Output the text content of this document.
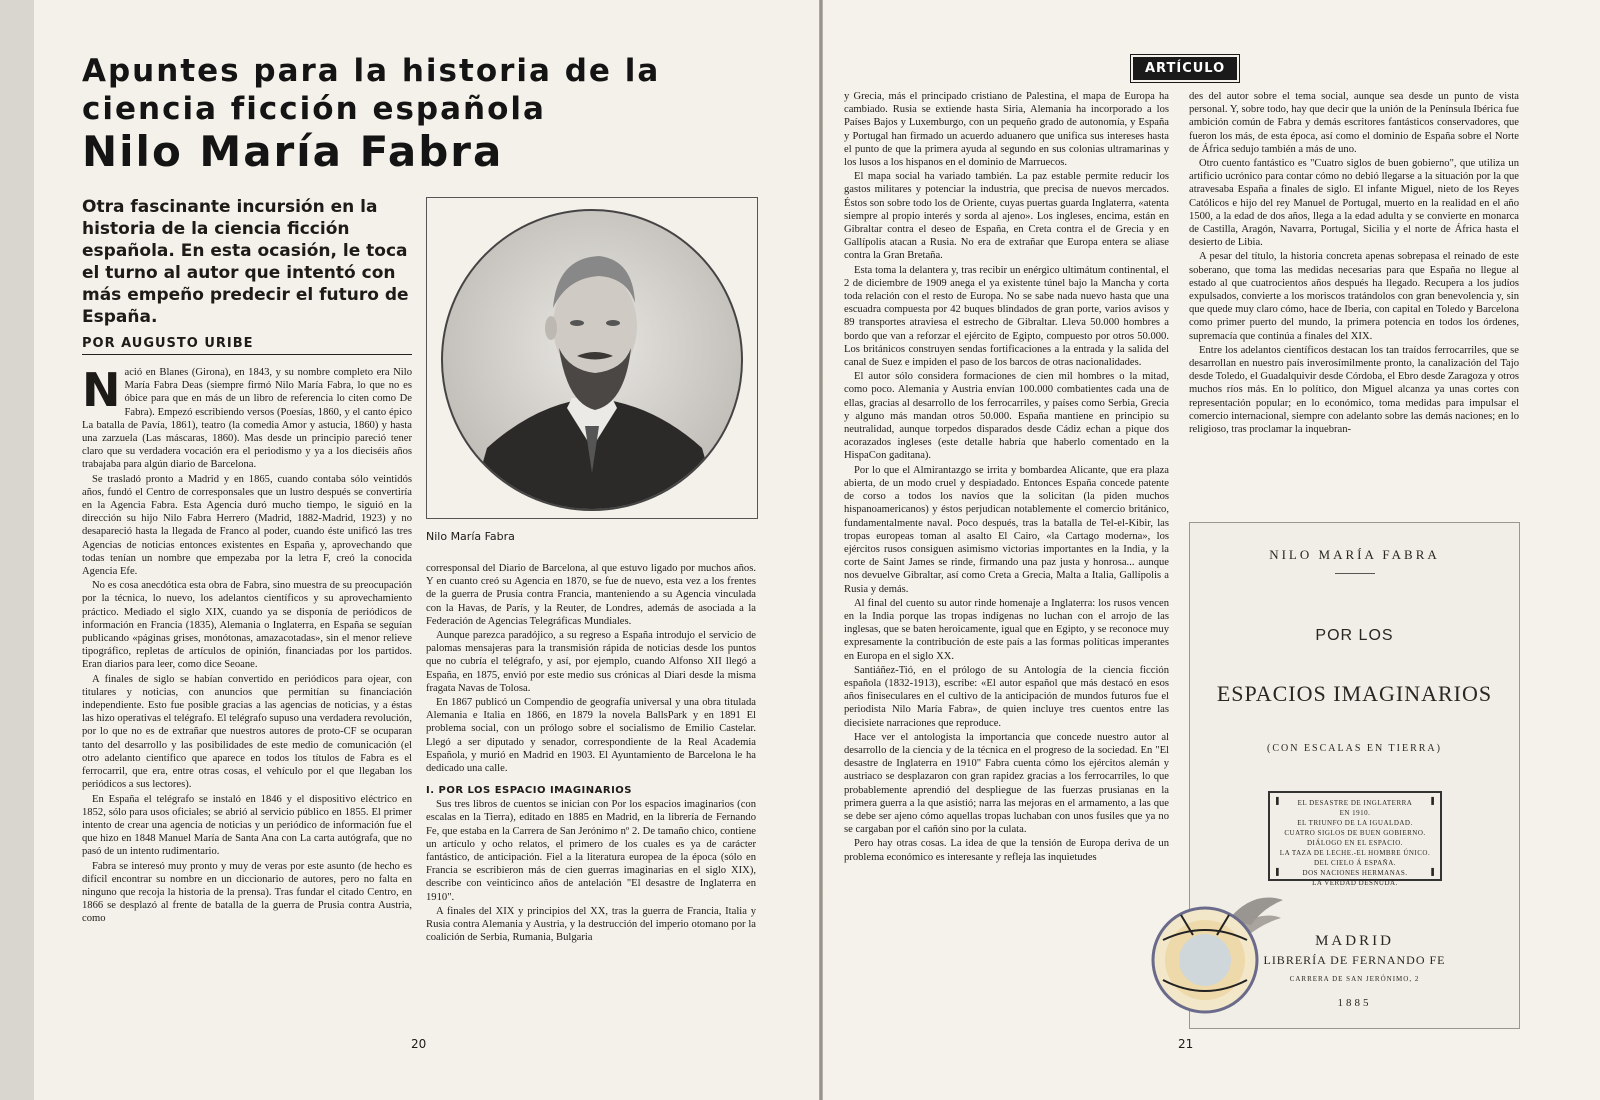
Apuntes para la historia de la
ciencia ficción española
Nilo María Fabra

Otra fascinante incursión en la historia de la ciencia ficción española. En esta ocasión, le toca el turno al autor que intentó con más empeño predecir el futuro de España.

POR AUGUSTO URIBE

Nilo María Fabra

N ació en Blanes (Girona), en 1843, y su nombre completo era Nilo María Fabra Deas (siempre firmó Nilo María Fabra, lo que no es óbice para que en más de un libro de referencia lo citen como De Fabra). Empezó escribiendo versos (Poesías, 1860, y el canto épico La batalla de Pavía, 1861), teatro (la comedia Amor y astucia, 1860) y hasta una zarzuela (Las máscaras, 1860). Mas desde un principio pareció tener claro que su verdadera vocación era el periodismo y ya a los dieciséis años trabajaba para algún diario de Barcelona.

Se trasladó pronto a Madrid y en 1865, cuando contaba sólo veintidós años, fundó el Centro de corresponsales que un lustro después se convertiría en la Agencia Fabra. Esta Agencia duró mucho tiempo, le siguió en la dirección su hijo Nilo Fabra Herrero (Madrid, 1882-Madrid, 1923) y no desapareció hasta la llegada de Franco al poder, cuando éste unificó las tres Agencias de noticias entonces existentes en España y, aprovechando que todas tenían un nombre que empezaba por la letra F, creó la conocida Agencia Efe.

No es cosa anecdótica esta obra de Fabra, sino muestra de su preocupación por la técnica, lo nuevo, los adelantos científicos y su aprovechamiento práctico. Mediado el siglo XIX, cuando ya se disponía de periódicos de información en Francia (1835), Alemania o Inglaterra, en España se seguían publicando «páginas grises, monótonas, amazacotadas», sin el menor relieve tipográfico, repletas de artículos de opinión, financiadas por los partidos. Eran diarios para leer, como dice Seoane.

A finales de siglo se habían convertido en periódicos para ojear, con titulares y noticias, con anuncios que permitían su financiación independiente. Esto fue posible gracias a las agencias de noticias, y a éstas las hizo operativas el telégrafo. El telégrafo supuso una verdadera revolución, por lo que no es de extrañar que nuestros autores de proto-CF se ocuparan tanto del desarrollo y las posibilidades de este medio de comunicación (el otro adelanto científico que aparece en todos los títulos de Fabra es el ferrocarril, que era, entre otras cosas, el vehículo por el que llegaban los periódicos a sus lectores).

En España el telégrafo se instaló en 1846 y el dispositivo eléctrico en 1852, sólo para usos oficiales; se abrió al servicio público en 1855. El primer intento de crear una agencia de noticias y un periódico de información fue el que hizo en 1848 Manuel María de Santa Ana con La carta autógrafa, que no pasó de un intento rudimentario.

Fabra se interesó muy pronto y muy de veras por este asunto (de hecho es difícil encontrar su nombre en un diccionario de autores, pero no falta en ninguno que recoja la historia de la prensa). Tras fundar el citado Centro, en 1866 se desplazó al frente de batalla de la guerra de Prusia contra Austria, como

corresponsal del Diario de Barcelona, al que estuvo ligado por muchos años. Y en cuanto creó su Agencia en 1870, se fue de nuevo, esta vez a los frentes de la guerra de Prusia contra Francia, manteniendo a su Agencia vinculada con la Havas, de París, y la Reuter, de Londres, además de asociada a la Federación de Agencias Telegráficas Mundiales.

Aunque parezca paradójico, a su regreso a España introdujo el servicio de palomas mensajeras para la transmisión rápida de noticias desde los puntos que no cubría el telégrafo, y así, por ejemplo, cuando Alfonso XII llegó a España, en 1875, envió por este medio sus crónicas al Diari desde la misma fragata Navas de Tolosa.

En 1867 publicó un Compendio de geografía universal y una obra titulada Alemania e Italia en 1866, en 1879 la novela BallsPark y en 1891 El problema social, con un prólogo sobre el socialismo de Emilio Castelar. Llegó a ser diputado y senador, correspondiente de la Real Academia Española, y murió en Madrid en 1903. El Ayuntamiento de Barcelona le ha dedicado una calle.

I. POR LOS ESPACIO IMAGINARIOS

Sus tres libros de cuentos se inician con Por los espacios imaginarios (con escalas en la Tierra), editado en 1885 en Madrid, en la librería de Fernando Fe, que estaba en la Carrera de San Jerónimo nº 2. De tamaño chico, contiene un artículo y ocho relatos, el primero de los cuales es ya de carácter fantástico, de anticipación. Fiel a la literatura europea de la época (sólo en Francia se escribieron más de cien guerras imaginarias en el siglo XIX), describe con veinticinco años de antelación "El desastre de Inglaterra en 1910".

A finales del XIX y principios del XX, tras la guerra de Francia, Italia y Rusia contra Alemania y Austria, y la destrucción del imperio otomano por la coalición de Serbia, Rumania, Bulgaria

20
ARTÍCULO

y Grecia, más el principado cristiano de Palestina, el mapa de Europa ha cambiado. Rusia se extiende hasta Siria, Alemania ha incorporado a los Países Bajos y Luxemburgo, con un pequeño grado de autonomía, y España y Portugal han firmado un acuerdo aduanero que unifica sus intereses hasta el punto de que la primera ayuda al segundo en sus colonias ultramarinas y los lusos a los hispanos en el dominio de Marruecos.

El mapa social ha variado también. La paz estable permite reducir los gastos militares y potenciar la industria, que precisa de nuevos mercados. Éstos son sobre todo los de Oriente, cuyas puertas guarda Inglaterra, «atenta siempre al propio interés y sorda al ajeno». Los ingleses, encima, están en Gibraltar contra el deseo de España, en Creta contra el de Grecia y en Gallípolis atacan a Rusia. No era de extrañar que Europa entera se aliase contra la Gran Bretaña.

Esta toma la delantera y, tras recibir un enérgico ultimátum continental, el 2 de diciembre de 1909 anega el ya existente túnel bajo la Mancha y corta toda relación con el resto de Europa. No se sabe nada nuevo hasta que una escuadra compuesta por 42 buques blindados de gran porte, varios avisos y 89 transportes atraviesa el estrecho de Gibraltar. Lleva 50.000 hombres a bordo que van a reforzar el ejército de Egipto, compuesto por otros 50.000. Los británicos construyen sendas fortificaciones a la entrada y la salida del canal de Suez e impiden el paso de los barcos de otras nacionalidades.

El autor sólo considera formaciones de cien mil hombres o la mitad, como poco. Alemania y Austria envían 100.000 combatientes cada una de ellas, gracias al desarrollo de los ferrocarriles, y países como Serbia, Grecia y alguno más mandan otros 50.000. España mantiene en principio su neutralidad, aunque torpedos disparados desde Cádiz echan a pique dos acorazados ingleses (este detalle habría que haberlo comentado en la HispaCon gaditana).

Por lo que el Almirantazgo se irrita y bombardea Alicante, que era plaza abierta, de un modo cruel y despiadado. Entonces España concede patente de corso a todos los navíos que la solicitan (la piden muchos hispanoamericanos) y éstos perjudican notablemente el comercio británico, fundamentalmente naval. Poco después, tras la batalla de Tel-el-Kibir, las tropas europeas toman al asalto El Cairo, «la Cartago moderna», los ejércitos rusos consiguen asimismo victorias importantes en la India, y la corte de Saint James se rinde, firmando una paz justa y honrosa... aunque nos devuelve Gibraltar, así como Creta a Grecia, Malta a Italia, Gallípolis a Rusia y demás.

Al final del cuento su autor rinde homenaje a Inglaterra: los rusos vencen en la India porque las tropas indígenas no luchan con el arrojo de las inglesas, que se baten heroicamente, igual que en Egipto, y se reconoce muy expresamente la contribución de este país a las formas políticas imperantes en Europa en el siglo XX.

Santiáñez-Tió, en el prólogo de su Antología de la ciencia ficción española (1832-1913), escribe: «El autor español que más destacó en esos años finiseculares en el cultivo de la anticipación de mundos futuros fue el periodista Nilo María Fabra», de quien incluye tres cuentos entre las diecisiete narraciones que reproduce.

Hace ver el antologista la importancia que concede nuestro autor al desarrollo de la ciencia y de la técnica en el progreso de la sociedad. En "El desastre de Inglaterra en 1910" Fabra cuenta cómo los ejércitos alemán y austriaco se desplazaron con gran rapidez gracias a los ferrocarriles, lo que probablemente aprendió del despliegue de las fuerzas prusianas en la primera guerra a la que asistió; narra las mejoras en el armamento, a las que se debe ser ajeno cómo aquellas tropas luchaban con unos fusiles que ya no se cargaban por el cañón sino por la culata.

Pero hay otras cosas. La idea de que la tensión de Europa deriva de un problema económico es interesante y refleja las inquietudes

des del autor sobre el tema social, aunque sea desde un punto de vista personal. Y, sobre todo, hay que decir que la unión de la Península Ibérica fue ambición común de Fabra y demás escritores fantásticos conservadores, que fueron los más, de esta época, así como el dominio de España sobre el Norte de África sedujo también a más de uno.

Otro cuento fantástico es "Cuatro siglos de buen gobierno", que utiliza un artificio ucrónico para contar cómo no debió llegarse a la situación por la que atravesaba España a finales de siglo. El infante Miguel, nieto de los Reyes Católicos e hijo del rey Manuel de Portugal, muerto en la realidad en el año 1500, a la edad de dos años, llega a la edad adulta y se convierte en monarca de Castilla, Aragón, Navarra, Portugal, Sicilia y el norte de África hasta el desierto de Libia.

A pesar del título, la historia concreta apenas sobrepasa el reinado de este soberano, que toma las medidas necesarias para que España no llegue al estado al que cuatrocientos años después ha llegado. Recupera a los judíos expulsados, convierte a los moriscos tratándolos con gran benevolencia y, sin que quede muy claro cómo, hace de Iberia, con capital en Toledo y Barcelona como primer puerto del mundo, la primera potencia en todos los órdenes, supremacía que continúa a finales del XIX.

Entre los adelantos científicos destacan los tan traídos ferrocarriles, que se desarrollan en nuestro país inverosímilmente pronto, la canalización del Tajo desde Toledo, el Guadalquivir desde Córdoba, el Ebro desde Zaragoza y otros muchos ríos más. En lo político, don Miguel alcanza ya unas cortes con representación popular; en lo económico, toma medidas para impulsar el comercio internacional, siempre con adelanto sobre las demás naciones; en lo religioso, tras proclamar la inquebran-

NILO MARÍA FABRA
POR LOS
ESPACIOS IMAGINARIOS
(CON ESCALAS EN TIERRA)
❚	❚
❚	❚
EL DESASTRE DE INGLATERRA
EN 1910.
EL TRIUNFO DE LA IGUALDAD.
CUATRO SIGLOS DE BUEN GOBIERNO.
DIÁLOGO EN EL ESPACIO.
LA TAZA DE LECHE.-EL HOMBRE ÚNICO.
DEL CIELO Á ESPAÑA.
DOS NACIONES HERMANAS.
LA VERDAD DESNUDA.
MADRID
LIBRERÍA DE FERNANDO FE
CARRERA DE SAN JERÓNIMO, 2
1885
21
